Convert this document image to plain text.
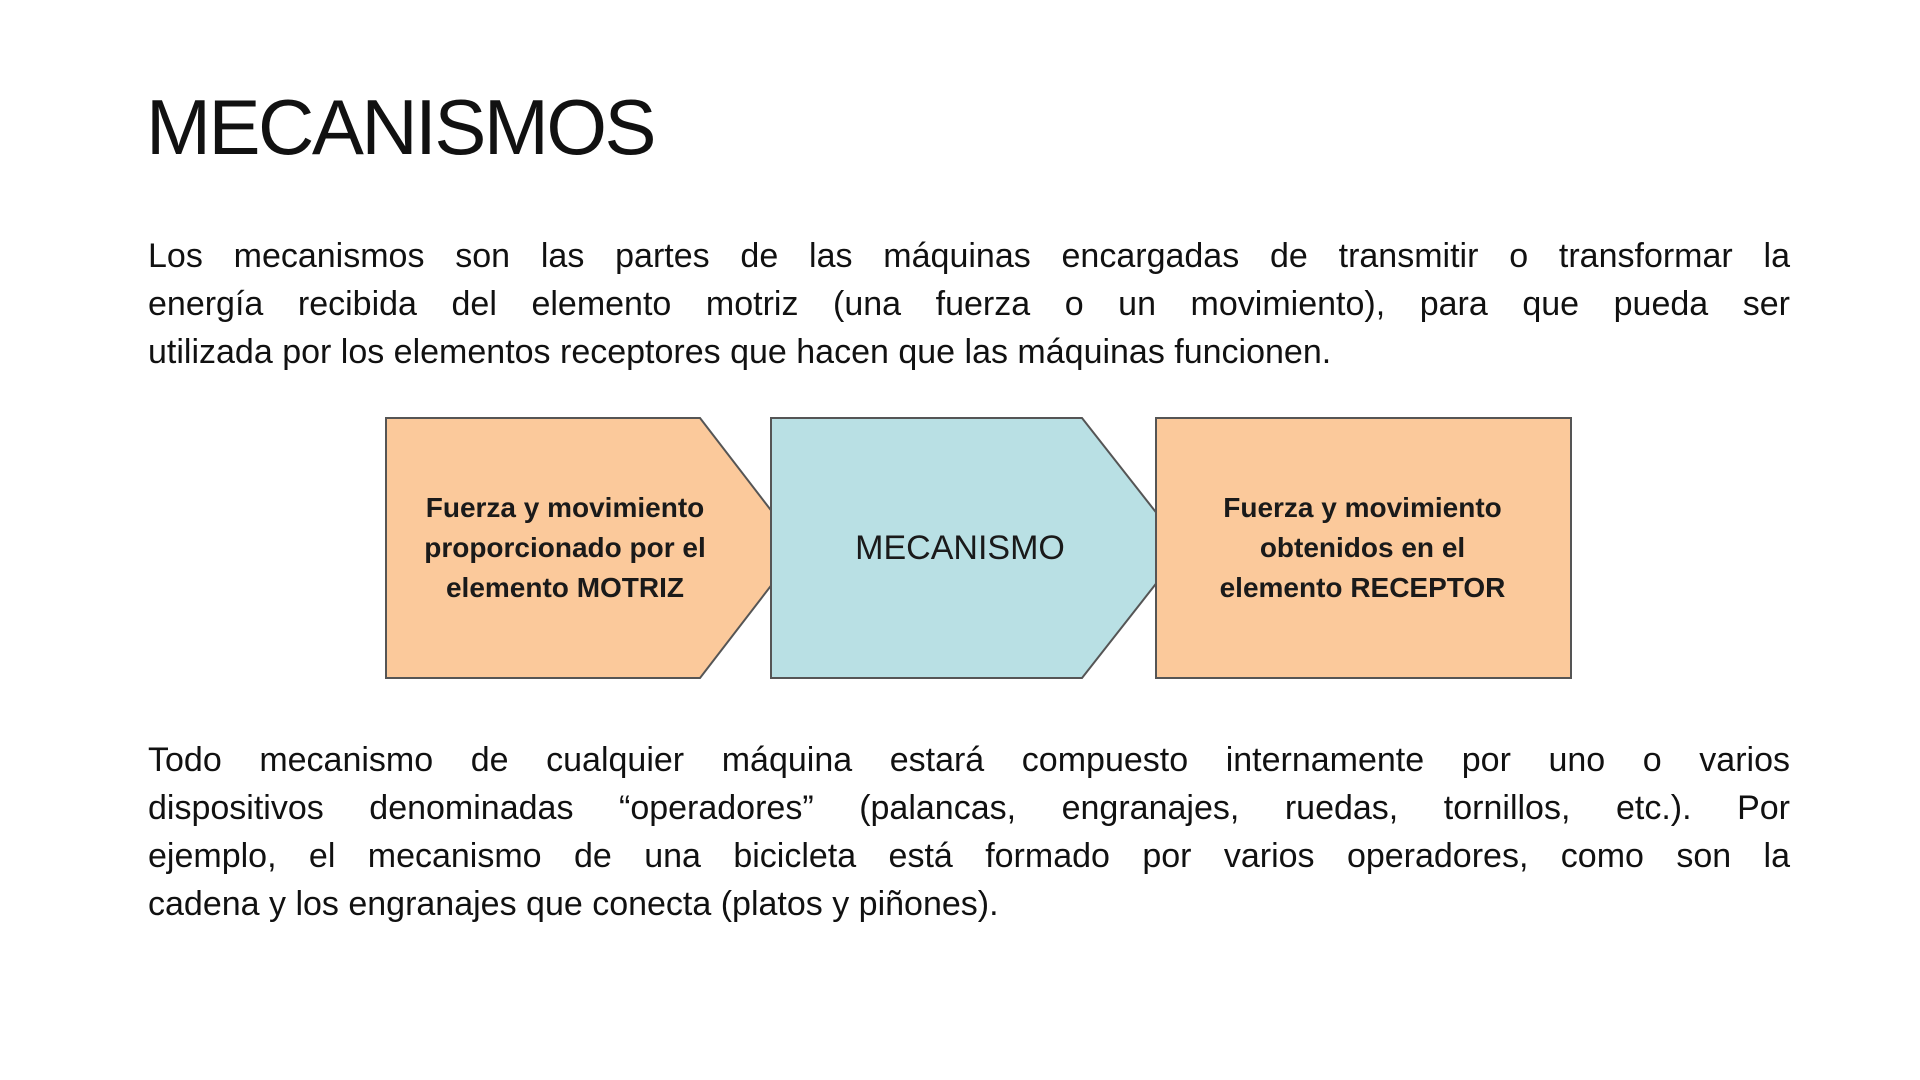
MECANISMOS
Los mecanismos son las partes de las máquinas encargadas de transmitir o transformar la
energía recibida del elemento motriz (una fuerza o un movimiento), para que pueda ser
utilizada por los elementos receptores que hacen que las máquinas funcionen.
Fuerza y movimiento
proporcionado por el
elemento MOTRIZ
MECANISMO
Fuerza y movimiento
obtenidos en el
elemento RECEPTOR
Todo mecanismo de cualquier máquina estará compuesto internamente por uno o varios
dispositivos denominadas “operadores” (palancas, engranajes, ruedas, tornillos, etc.). Por
ejemplo, el mecanismo de una bicicleta está formado por varios operadores, como son la
cadena y los engranajes que conecta (platos y piñones).
